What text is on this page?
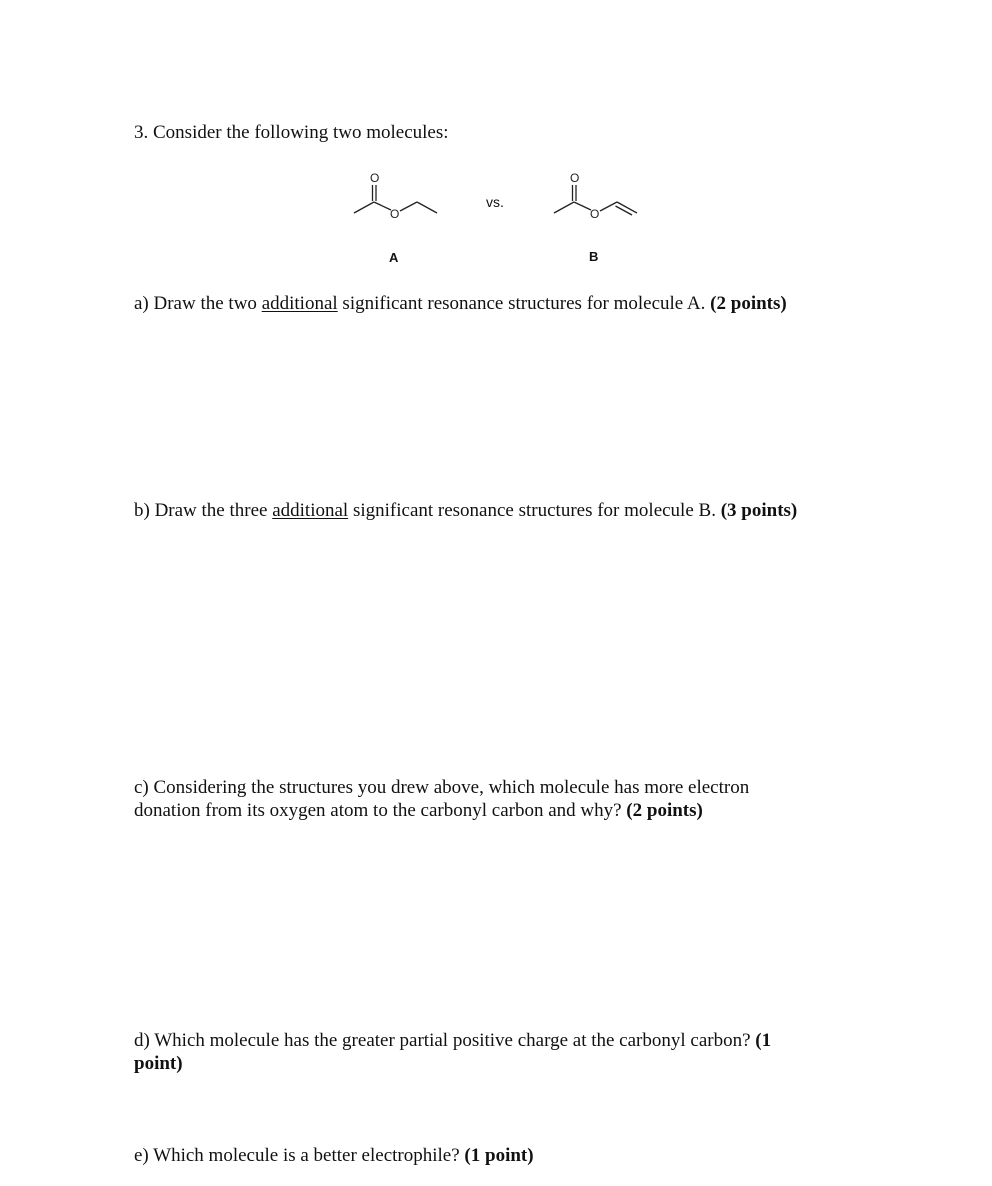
3. Consider the following two molecules:
O
O
A
vs.
O
O
B
a) Draw the two additional significant resonance structures for molecule A. (2 points)
b) Draw the three additional significant resonance structures for molecule B. (3 points)
c) Considering the structures you drew above, which molecule has more electron
donation from its oxygen atom to the carbonyl carbon and why? (2 points)
d) Which molecule has the greater partial positive charge at the carbonyl carbon? (1
point)
e) Which molecule is a better electrophile? (1 point)
